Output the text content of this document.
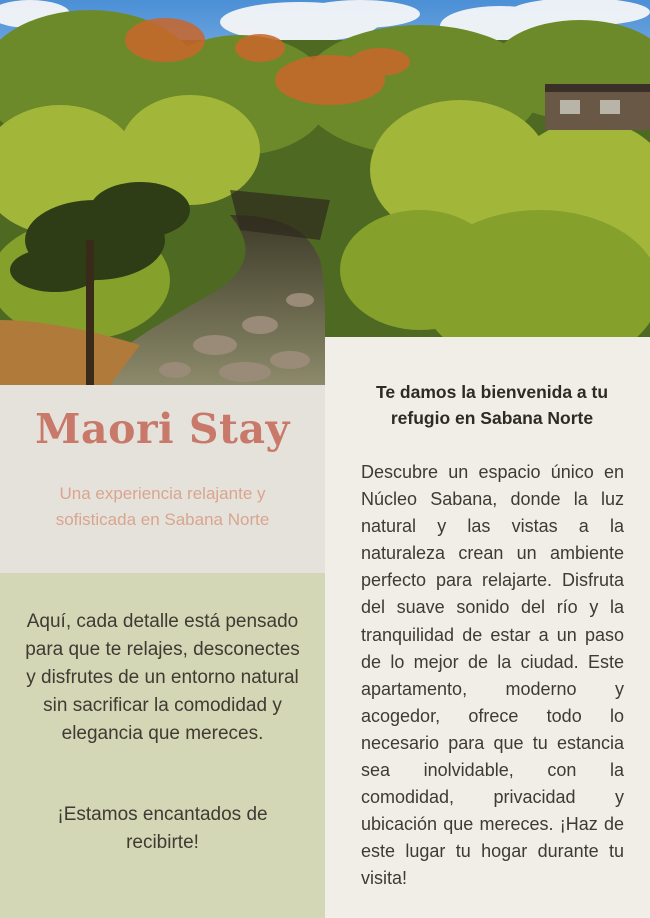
Maori Stay

Una experiencia relajante y sofisticada en Sabana Norte

Aquí, cada detalle está pensado para que te relajes, desconectes y disfrutes de un entorno natural sin sacrificar la comodidad y elegancia que mereces.

¡Estamos encantados de recibirte!

Te damos la bienvenida a tu refugio en Sabana Norte

Descubre un espacio único en Núcleo Sabana, donde la luz natural y las vistas a la naturaleza crean un ambiente perfecto para relajarte. Disfruta del suave sonido del río y la tranquilidad de estar a un paso de lo mejor de la ciudad. Este apartamento, moderno y acogedor, ofrece todo lo necesario para que tu estancia sea inolvidable, con la comodidad, privacidad y ubicación que mereces. ¡Haz de este lugar tu hogar durante tu visita!
